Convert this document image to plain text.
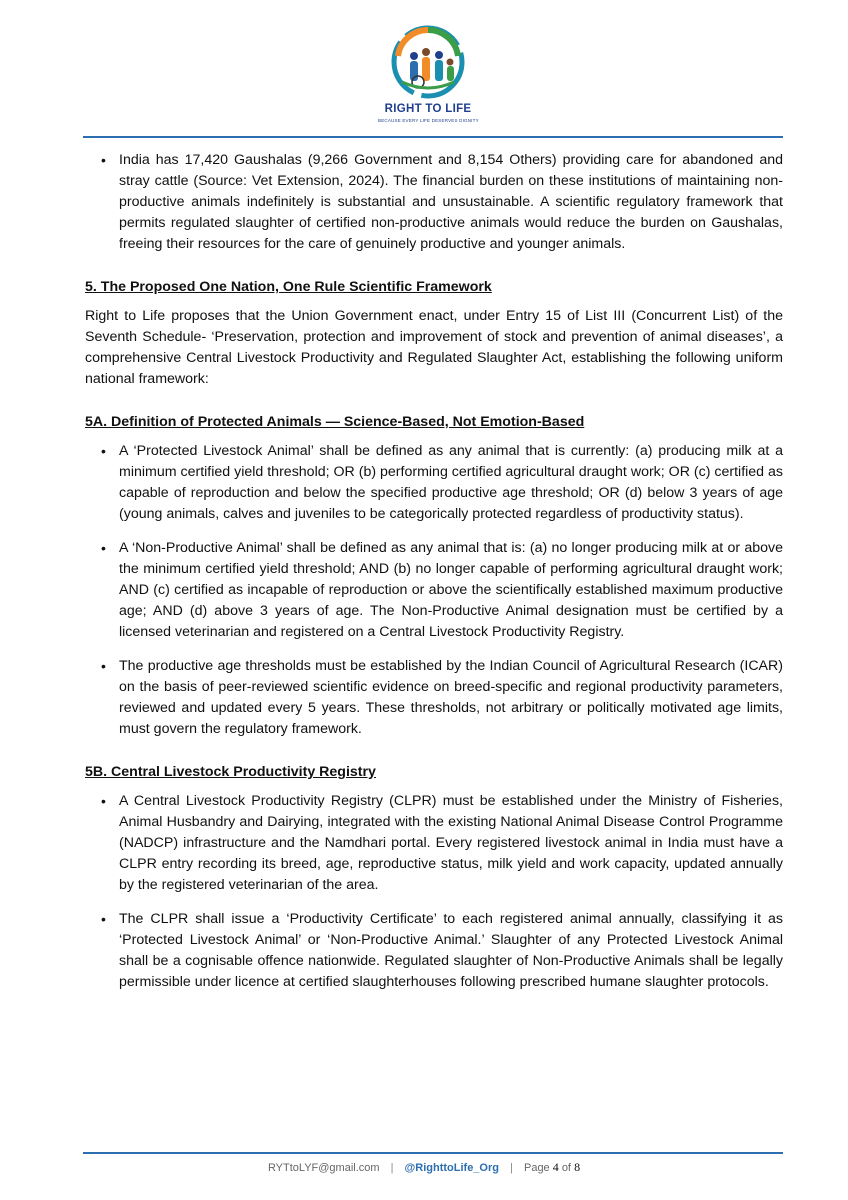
RIGHT TO LIFE
BECAUSE EVERY LIFE DESERVES DIGNITY
• India has 17,420 Gaushalas (9,266 Government and 8,154 Others) providing care for abandoned and stray cattle (Source: Vet Extension, 2024). The financial burden on these institutions of maintaining non-productive animals indefinitely is substantial and unsustainable. A scientific regulatory framework that permits regulated slaughter of certified non-productive animals would reduce the burden on Gaushalas, freeing their resources for the care of genuinely productive and younger animals.
5. The Proposed One Nation, One Rule Scientific Framework
Right to Life proposes that the Union Government enact, under Entry 15 of List III (Concurrent List) of the Seventh Schedule- ‘Preservation, protection and improvement of stock and prevention of animal diseases’, a comprehensive Central Livestock Productivity and Regulated Slaughter Act, establishing the following uniform national framework:
5A. Definition of Protected Animals — Science-Based, Not Emotion-Based
• A ‘Protected Livestock Animal’ shall be defined as any animal that is currently: (a) producing milk at a minimum certified yield threshold; OR (b) performing certified agricultural draught work; OR (c) certified as capable of reproduction and below the specified productive age threshold; OR (d) below 3 years of age (young animals, calves and juveniles to be categorically protected regardless of productivity status).
• A ‘Non-Productive Animal’ shall be defined as any animal that is: (a) no longer producing milk at or above the minimum certified yield threshold; AND (b) no longer capable of performing agricultural draught work; AND (c) certified as incapable of reproduction or above the scientifically established maximum productive age; AND (d) above 3 years of age. The Non-Productive Animal designation must be certified by a licensed veterinarian and registered on a Central Livestock Productivity Registry.
• The productive age thresholds must be established by the Indian Council of Agricultural Research (ICAR) on the basis of peer-reviewed scientific evidence on breed-specific and regional productivity parameters, reviewed and updated every 5 years. These thresholds, not arbitrary or politically motivated age limits, must govern the regulatory framework.
5B. Central Livestock Productivity Registry
• A Central Livestock Productivity Registry (CLPR) must be established under the Ministry of Fisheries, Animal Husbandry and Dairying, integrated with the existing National Animal Disease Control Programme (NADCP) infrastructure and the Namdhari portal. Every registered livestock animal in India must have a CLPR entry recording its breed, age, reproductive status, milk yield and work capacity, updated annually by the registered veterinarian of the area.
• The CLPR shall issue a ‘Productivity Certificate’ to each registered animal annually, classifying it as ‘Protected Livestock Animal’ or ‘Non-Productive Animal.’ Slaughter of any Protected Livestock Animal shall be a cognisable offence nationwide. Regulated slaughter of Non-Productive Animals shall be legally permissible under licence at certified slaughterhouses following prescribed humane slaughter protocols.
RYTtoLYF@gmail.com | @RighttoLife_Org | Page 4 of 8
